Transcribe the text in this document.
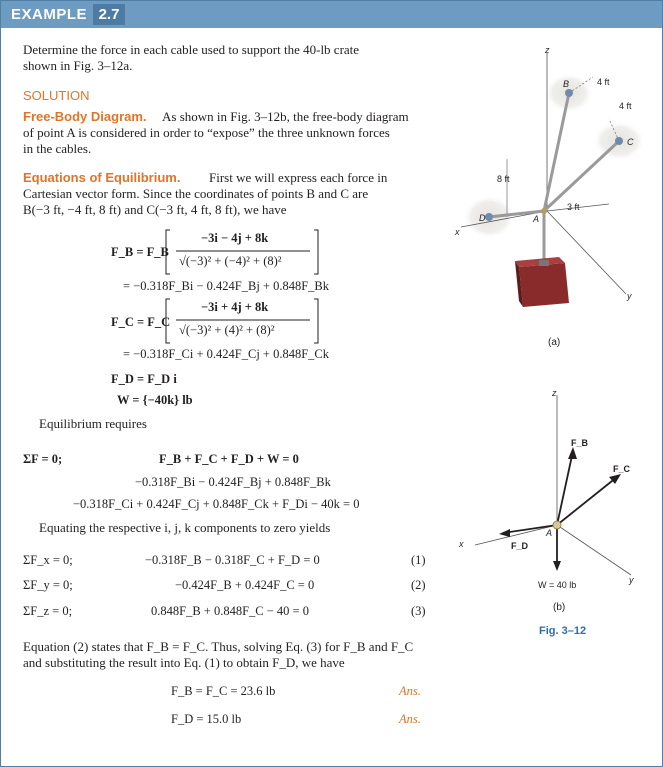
EXAMPLE 2.7
Determine the force in each cable used to support the 40-lb crate
shown in Fig. 3–12a.
SOLUTION
Free-Body Diagram. As shown in Fig. 3–12b, the free-body diagram
of point A is considered in order to “expose” the three unknown forces
in the cables.
Equations of Equilibrium. First we will express each force in
Cartesian vector form. Since the coordinates of points B and C are
B(−3 ft, −4 ft, 8 ft) and C(−3 ft, 4 ft, 8 ft), we have
F_B = F_B
−3i − 4j + 8k
√(−3)² + (−4)² + (8)²
= −0.318F_Bi − 0.424F_Bj + 0.848F_Bk
F_C = F_C
−3i + 4j + 8k
√(−3)² + (4)² + (8)²
= −0.318F_Ci + 0.424F_Cj + 0.848F_Ck
F_D = F_D i
W = {−40k} lb
Equilibrium requires
ΣF = 0;	F_B + F_C + F_D + W = 0
−0.318F_Bi − 0.424F_Bj + 0.848F_Bk
−0.318F_Ci + 0.424F_Cj + 0.848F_Ck + F_Di − 40k = 0
Equating the respective i, j, k components to zero yields
ΣF_x = 0;	−0.318F_B − 0.318F_C + F_D = 0	(1)
ΣF_y = 0;	−0.424F_B + 0.424F_C = 0	(2)
ΣF_z = 0;	0.848F_B + 0.848F_C − 40 = 0	(3)
Equation (2) states that F_B = F_C. Thus, solving Eq. (3) for F_B and F_C
and substituting the result into Eq. (1) to obtain F_D, we have
F_B = F_C = 23.6 lb	Ans.
F_D = 15.0 lb	Ans.
z
x
y
B
C
D	A
4 ft
4 ft
8 ft
3 ft
(a)
z
x
y
A
F_B
F_C
F_D
W = 40 lb
(b)
Fig. 3–12
